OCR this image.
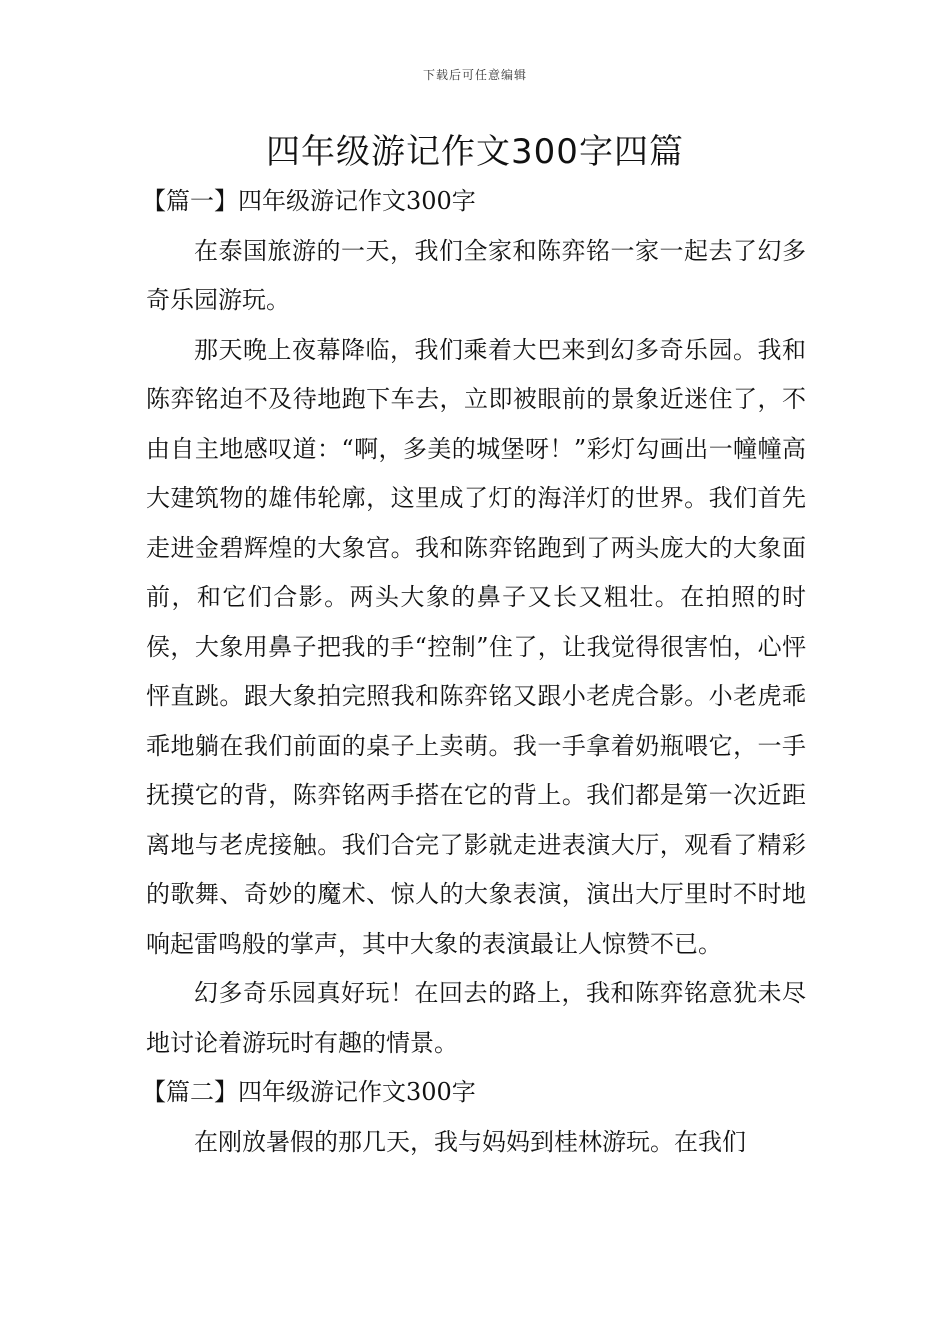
下载后可任意编辑
四年级游记作文300字四篇
【篇一】四年级游记作文300字

在泰国旅游的一天，我们全家和陈弈铭一家一起去了幻多奇乐园游玩。

那天晚上夜幕降临，我们乘着大巴来到幻多奇乐园。我和陈弈铭迫不及待地跑下车去，立即被眼前的景象近迷住了，不由自主地感叹道：“啊，多美的城堡呀！”彩灯勾画出一幢幢高大建筑物的雄伟轮廓，这里成了灯的海洋灯的世界。我们首先走进金碧辉煌的大象宫。我和陈弈铭跑到了两头庞大的大象面前，和它们合影。两头大象的鼻子又长又粗壮。在拍照的时侯，大象用鼻子把我的手“控制”住了，让我觉得很害怕，心怦怦直跳。跟大象拍完照我和陈弈铭又跟小老虎合影。小老虎乖乖地躺在我们前面的桌子上卖萌。我一手拿着奶瓶喂它，一手抚摸它的背，陈弈铭两手搭在它的背上。我们都是第一次近距离地与老虎接触。我们合完了影就走进表演大厅，观看了精彩的歌舞、奇妙的魔术、惊人的大象表演，演出大厅里时不时地响起雷鸣般的掌声，其中大象的表演最让人惊赞不已。

幻多奇乐园真好玩！在回去的路上，我和陈弈铭意犹未尽地讨论着游玩时有趣的情景。

【篇二】四年级游记作文300字

在刚放暑假的那几天，我与妈妈到桂林游玩。在我们
